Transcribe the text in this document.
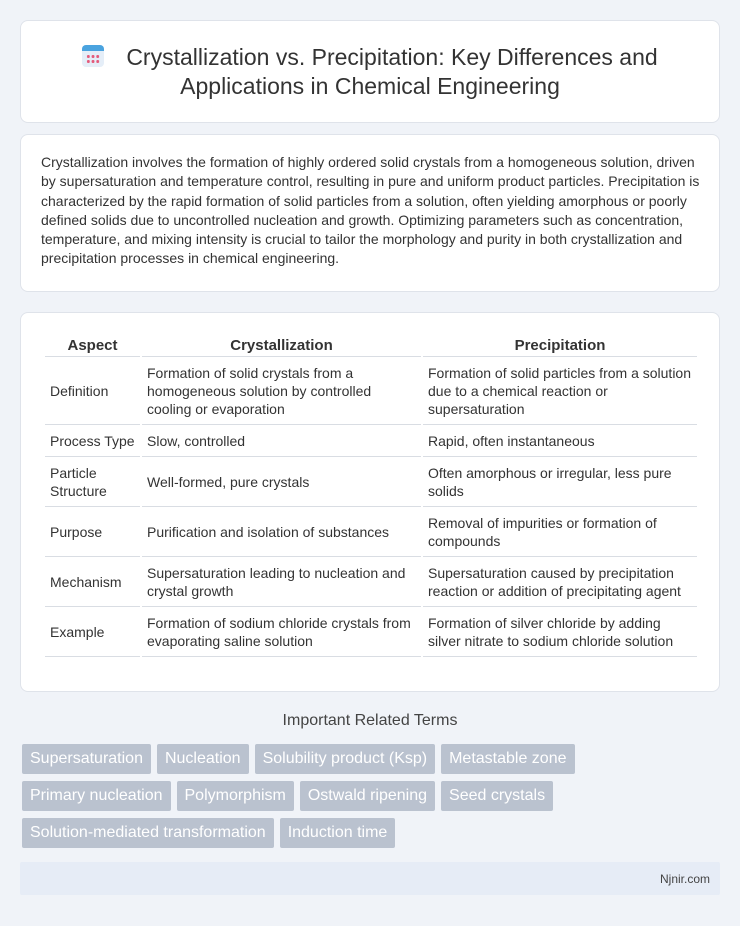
Crystallization vs. Precipitation: Key Differences and
Applications in Chemical Engineering

Crystallization involves the formation of highly ordered solid crystals from a homogeneous solution, driven by supersaturation and temperature control, resulting in pure and uniform product particles. Precipitation is characterized by the rapid formation of solid particles from a solution, often yielding amorphous or poorly defined solids due to uncontrolled nucleation and growth. Optimizing parameters such as concentration, temperature, and mixing intensity is crucial to tailor the morphology and purity in both crystallization and precipitation processes in chemical engineering.

Aspect	Crystallization	Precipitation
Definition	Formation of solid crystals from a homogeneous solution by controlled cooling or evaporation	Formation of solid particles from a solution due to a chemical reaction or supersaturation
Process Type	Slow, controlled	Rapid, often instantaneous
Particle Structure	Well-formed, pure crystals	Often amorphous or irregular, less pure solids
Purpose	Purification and isolation of substances	Removal of impurities or formation of compounds
Mechanism	Supersaturation leading to nucleation and crystal growth	Supersaturation caused by precipitation reaction or addition of precipitating agent
Example	Formation of sodium chloride crystals from evaporating saline solution	Formation of silver chloride by adding silver nitrate to sodium chloride solution
Important Related Terms
Supersaturation	Nucleation	Solubility product (Ksp)	Metastable zone
Primary nucleation	Polymorphism	Ostwald ripening	Seed crystals
Solution-mediated transformation	Induction time
Njnir.com
